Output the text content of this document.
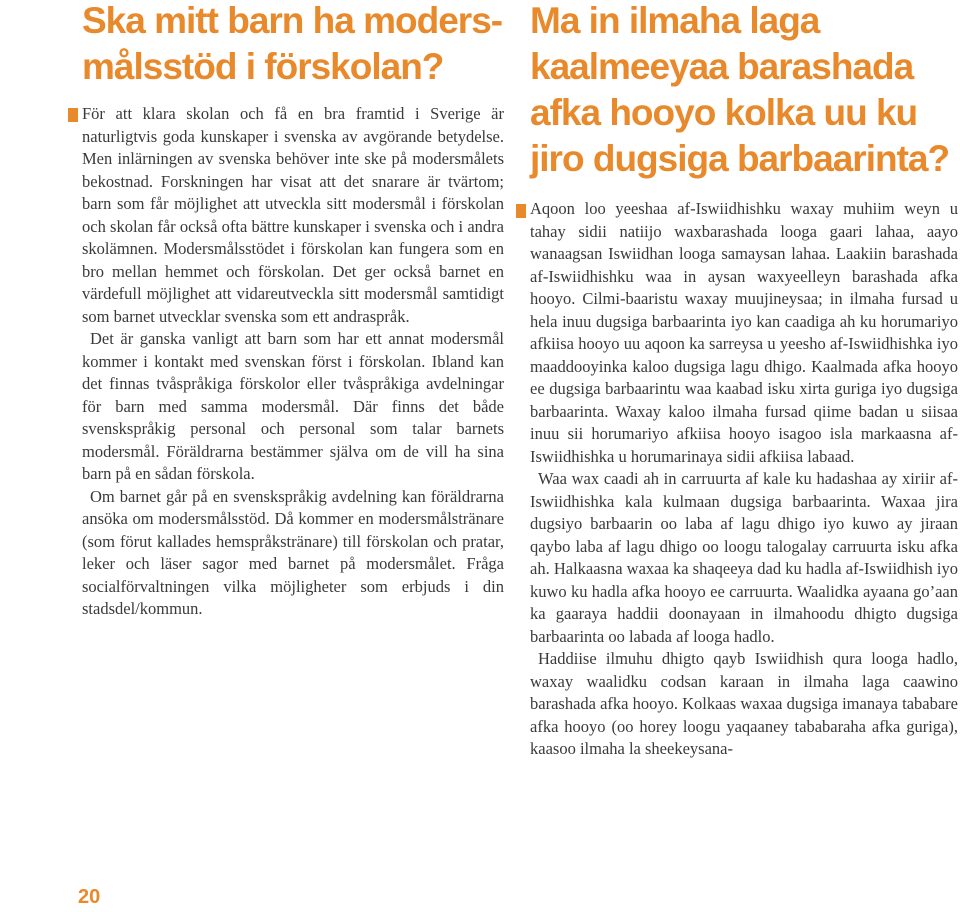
Ska mitt barn ha moders-
målsstöd i förskolan?

För att klara skolan och få en bra framtid i Sverige är naturligtvis goda kunskaper i svenska av avgörande betydelse. Men inlärningen av svenska behöver inte ske på modersmålets bekostnad. Forskningen har visat att det snarare är tvärtom; barn som får möjlighet att utveckla sitt modersmål i förskolan och skolan får också ofta bättre kunskaper i svenska och i andra skolämnen. Modersmålsstödet i förskolan kan fungera som en bro mellan hemmet och förskolan. Det ger också barnet en värdefull möjlighet att vidareutveckla sitt modersmål samtidigt som barnet utvecklar svenska som ett andraspråk.

Det är ganska vanligt att barn som har ett annat modersmål kommer i kontakt med svenskan först i förskolan. Ibland kan det finnas tvåspråkiga förskolor eller tvåspråkiga avdelningar för barn med samma modersmål. Där finns det både svenskspråkig personal och personal som talar barnets modersmål. Föräldrarna bestämmer själva om de vill ha sina barn på en sådan förskola.

Om barnet går på en svenskspråkig avdelning kan föräldrarna ansöka om modersmålsstöd. Då kommer en modersmålstränare (som förut kallades hemspråkstränare) till förskolan och pratar, leker och läser sagor med barnet på modersmålet. Fråga socialförvaltningen vilka möjligheter som erbjuds i din stadsdel/kommun.

Ma in ilmaha laga
kaalmeeyaa barashada
afka hooyo kolka uu ku
jiro dugsiga barbaarinta?

Aqoon loo yeeshaa af-Iswiidhishku waxay muhiim weyn u tahay sidii natiijo waxbarashada looga gaari lahaa, aayo wanaagsan Iswiidhan looga samaysan lahaa. Laakiin barashada af-Iswiidhishku waa in aysan waxyeelleyn barashada afka hooyo. Cilmi-baaristu waxay muujineysaa; in ilmaha fursad u hela inuu dugsiga barbaarinta iyo kan caadiga ah ku horumariyo afkiisa hooyo uu aqoon ka sarreysa u yeesho af-Iswiidhishka iyo maaddooyinka kaloo dugsiga lagu dhigo. Kaalmada afka hooyo ee dugsiga barbaarintu waa kaabad isku xirta guriga iyo dugsiga barbaarinta. Waxay kaloo ilmaha fursad qiime badan u siisaa inuu sii horumariyo afkiisa hooyo isagoo isla markaasna af-Iswiidhishka u horumarinaya sidii afkiisa labaad.

Waa wax caadi ah in carruurta af kale ku hadashaa ay xiriir af-Iswiidhishka kala kulmaan dugsiga barbaarinta. Waxaa jira dugsiyo barbaarin oo laba af lagu dhigo iyo kuwo ay jiraan qaybo laba af lagu dhigo oo loogu talogalay carruurta isku afka ah. Halkaasna waxaa ka shaqeeya dad ku hadla af-Iswiidhish iyo kuwo ku hadla afka hooyo ee carruurta. Waalidka ayaana go’aan ka gaaraya haddii doonayaan in ilmahoodu dhigto dugsiga barbaarinta oo labada af looga hadlo.

Haddiise ilmuhu dhigto qayb Iswiidhish qura looga hadlo, waxay waalidku codsan karaan in ilmaha laga caawino barashada afka hooyo. Kolkaas waxaa dugsiga imanaya tababare afka hooyo (oo horey loogu yaqaaney tababaraha afka guriga), kaasoo ilmaha la sheekeysana-

20
